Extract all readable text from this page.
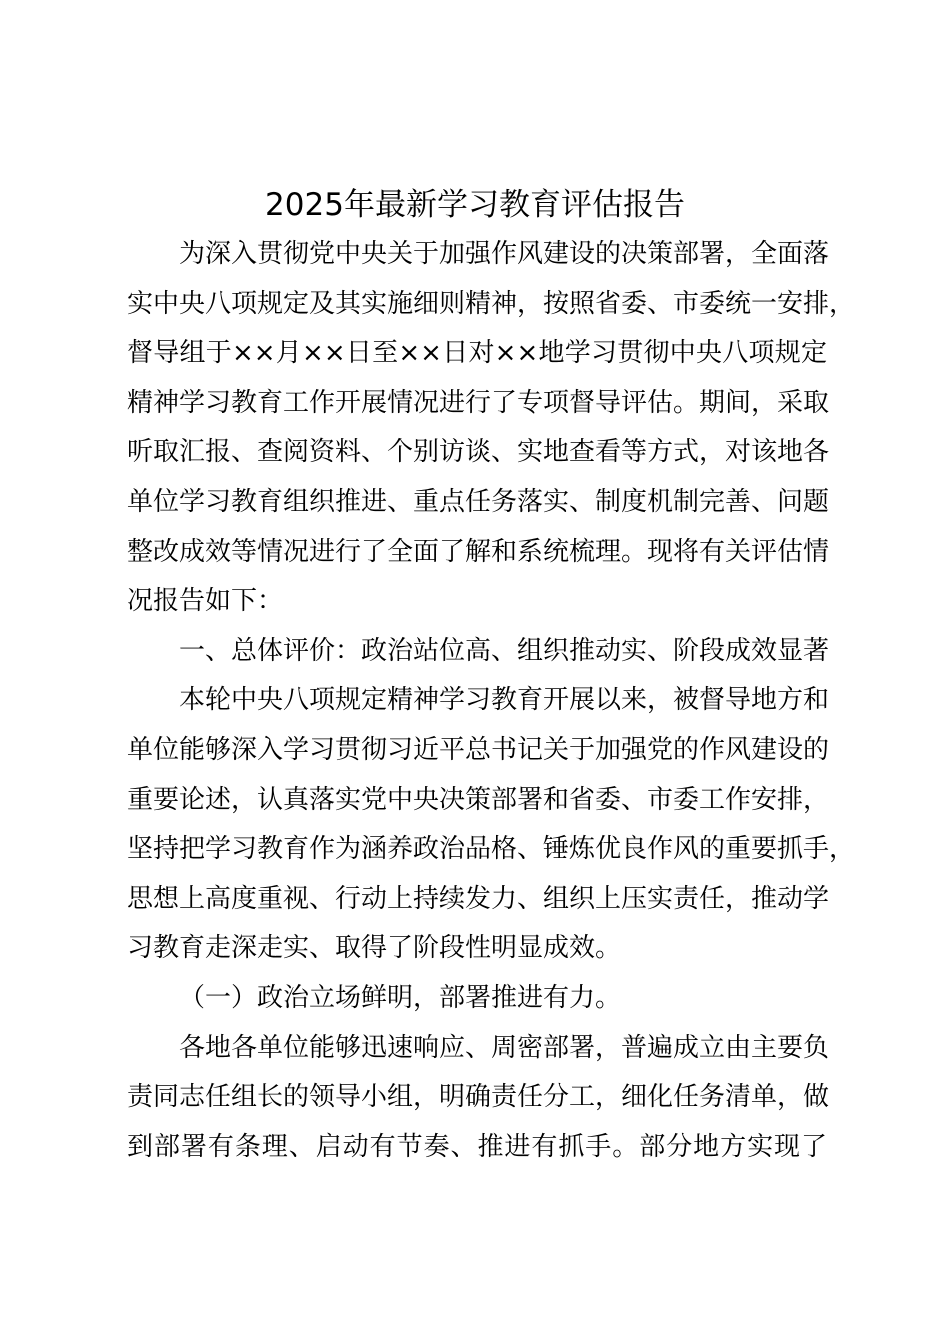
2025年最新学习教育评估报告
为深入贯彻党中央关于加强作风建设的决策部署，全面落
实中央八项规定及其实施细则精神，按照省委、市委统一安排，
督导组于××月××日至××日对××地学习贯彻中央八项规定
精神学习教育工作开展情况进行了专项督导评估。期间，采取
听取汇报、查阅资料、个别访谈、实地查看等方式，对该地各
单位学习教育组织推进、重点任务落实、制度机制完善、问题
整改成效等情况进行了全面了解和系统梳理。现将有关评估情
况报告如下：
一、总体评价：政治站位高、组织推动实、阶段成效显著
本轮中央八项规定精神学习教育开展以来，被督导地方和
单位能够深入学习贯彻习近平总书记关于加强党的作风建设的
重要论述，认真落实党中央决策部署和省委、市委工作安排，
坚持把学习教育作为涵养政治品格、锤炼优良作风的重要抓手，
思想上高度重视、行动上持续发力、组织上压实责任，推动学
习教育走深走实、取得了阶段性明显成效。
（一）政治立场鲜明，部署推进有力。
各地各单位能够迅速响应、周密部署，普遍成立由主要负
责同志任组长的领导小组，明确责任分工，细化任务清单，做
到部署有条理、启动有节奏、推进有抓手。部分地方实现了
